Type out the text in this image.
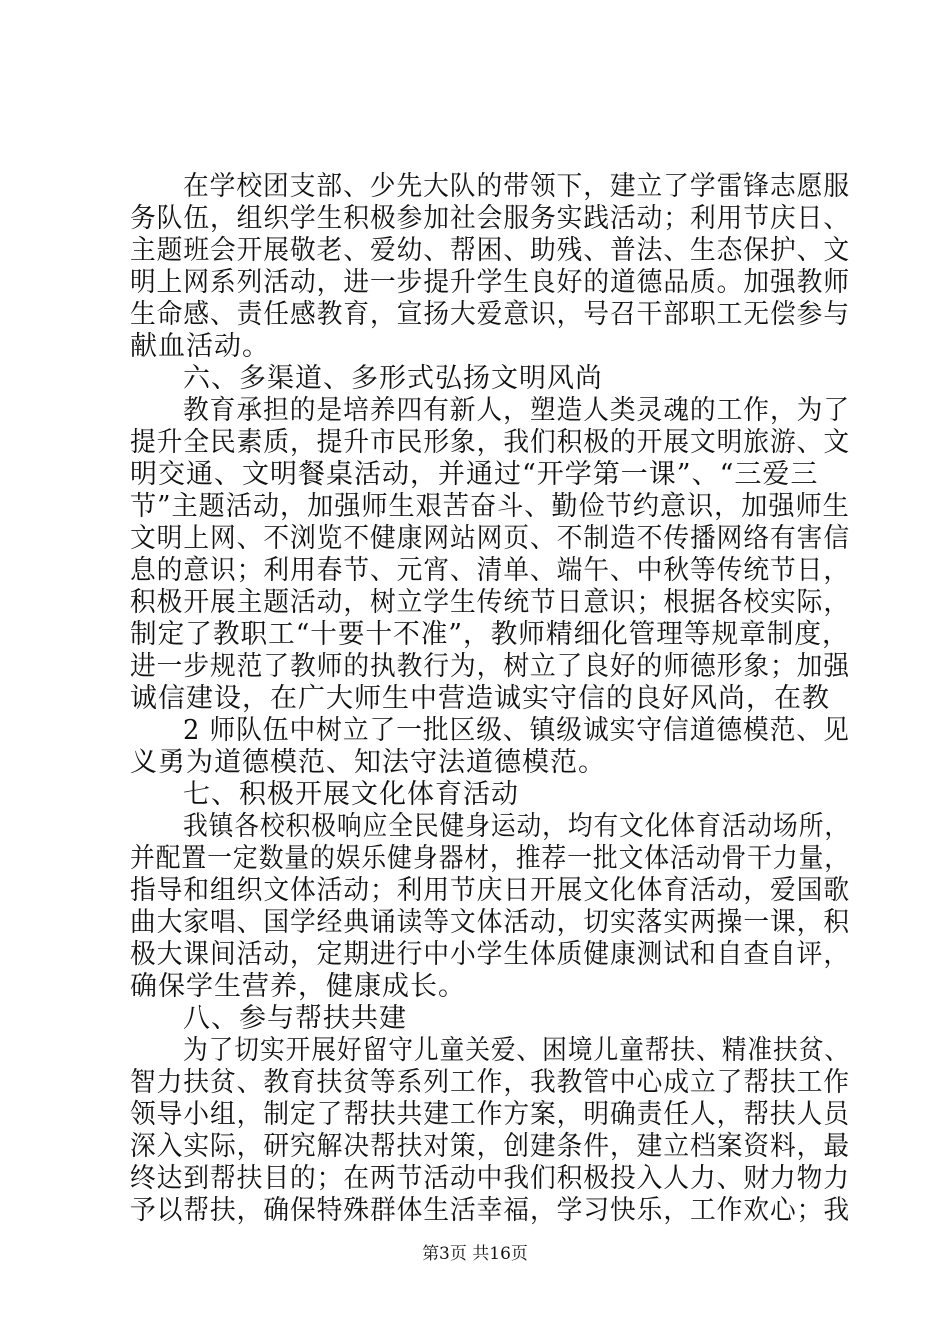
在学校团支部、少先大队的带领下，建立了学雷锋志愿服
务队伍，组织学生积极参加社会服务实践活动；利用节庆日、
主题班会开展敬老、爱幼、帮困、助残、普法、生态保护、文
明上网系列活动，进一步提升学生良好的道德品质。加强教师
生命感、责任感教育，宣扬大爱意识，号召干部职工无偿参与
献血活动。
六、多渠道、多形式弘扬文明风尚
教育承担的是培养四有新人，塑造人类灵魂的工作，为了
提升全民素质，提升市民形象，我们积极的开展文明旅游、文
明交通、文明餐桌活动，并通过“开学第一课”、“三爱三
节”主题活动，加强师生艰苦奋斗、勤俭节约意识，加强师生
文明上网、不浏览不健康网站网页、不制造不传播网络有害信
息的意识；利用春节、元宵、清单、端午、中秋等传统节日，
积极开展主题活动，树立学生传统节日意识；根据各校实际，
制定了教职工“十要十不准”，教师精细化管理等规章制度，
进一步规范了教师的执教行为，树立了良好的师德形象；加强
诚信建设，在广大师生中营造诚实守信的良好风尚，在教
2 师队伍中树立了一批区级、镇级诚实守信道德模范、见
义勇为道德模范、知法守法道德模范。
七、积极开展文化体育活动
我镇各校积极响应全民健身运动，均有文化体育活动场所，
并配置一定数量的娱乐健身器材，推荐一批文体活动骨干力量，
指导和组织文体活动；利用节庆日开展文化体育活动，爱国歌
曲大家唱、国学经典诵读等文体活动，切实落实两操一课，积
极大课间活动，定期进行中小学生体质健康测试和自查自评，
确保学生营养，健康成长。
八、参与帮扶共建
为了切实开展好留守儿童关爱、困境儿童帮扶、精准扶贫、
智力扶贫、教育扶贫等系列工作，我教管中心成立了帮扶工作
领导小组，制定了帮扶共建工作方案，明确责任人，帮扶人员
深入实际，研究解决帮扶对策，创建条件，建立档案资料，最
终达到帮扶目的；在两节活动中我们积极投入人力、财力物力
予以帮扶，确保特殊群体生活幸福，学习快乐，工作欢心；我
第3页 共16页
